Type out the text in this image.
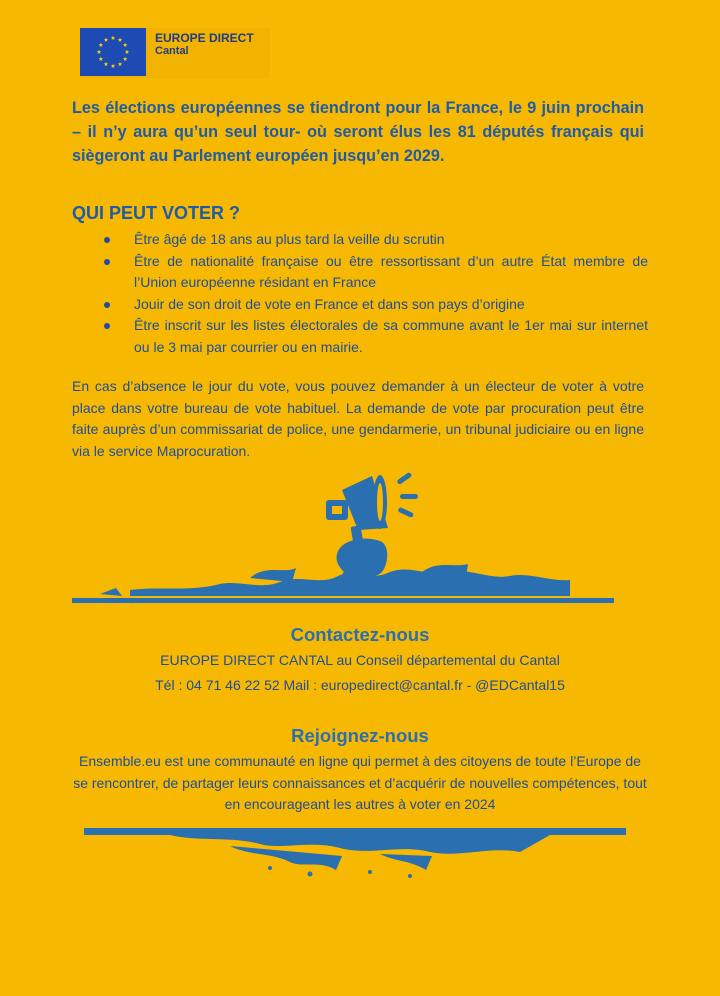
EUROPE DIRECT
Cantal
Les élections européennes se tiendront pour la France, le 9 juin prochain – il n’y aura qu’un seul tour- où seront élus les 81 députés français qui siègeront au Parlement européen jusqu’en 2029.
QUI PEUT VOTER ?
Être âgé de 18 ans au plus tard la veille du scrutin
Être de nationalité française ou être ressortissant d’un autre État membre de l’Union européenne résidant en France
Jouir de son droit de vote en France et dans son pays d’origine
Être inscrit sur les listes électorales de sa commune avant le 1er mai sur internet ou le 3 mai par courrier ou en mairie.
En cas d’absence le jour du vote, vous pouvez demander à un électeur de voter à votre place dans votre bureau de vote habituel. La demande de vote par procuration peut être faite auprès d’un commissariat de police, une gendarmerie, un tribunal judiciaire ou en ligne via le service Maprocuration.
Contactez-nous
EUROPE DIRECT CANTAL au Conseil départemental du Cantal
Tél : 04 71 46 22 52 Mail : europedirect@cantal.fr - @EDCantal15
Rejoignez-nous
Ensemble.eu est une communauté en ligne qui permet à des citoyens de toute l’Europe de se rencontrer, de partager leurs connaissances et d’acquérir de nouvelles compétences, tout en encourageant les autres à voter en 2024
